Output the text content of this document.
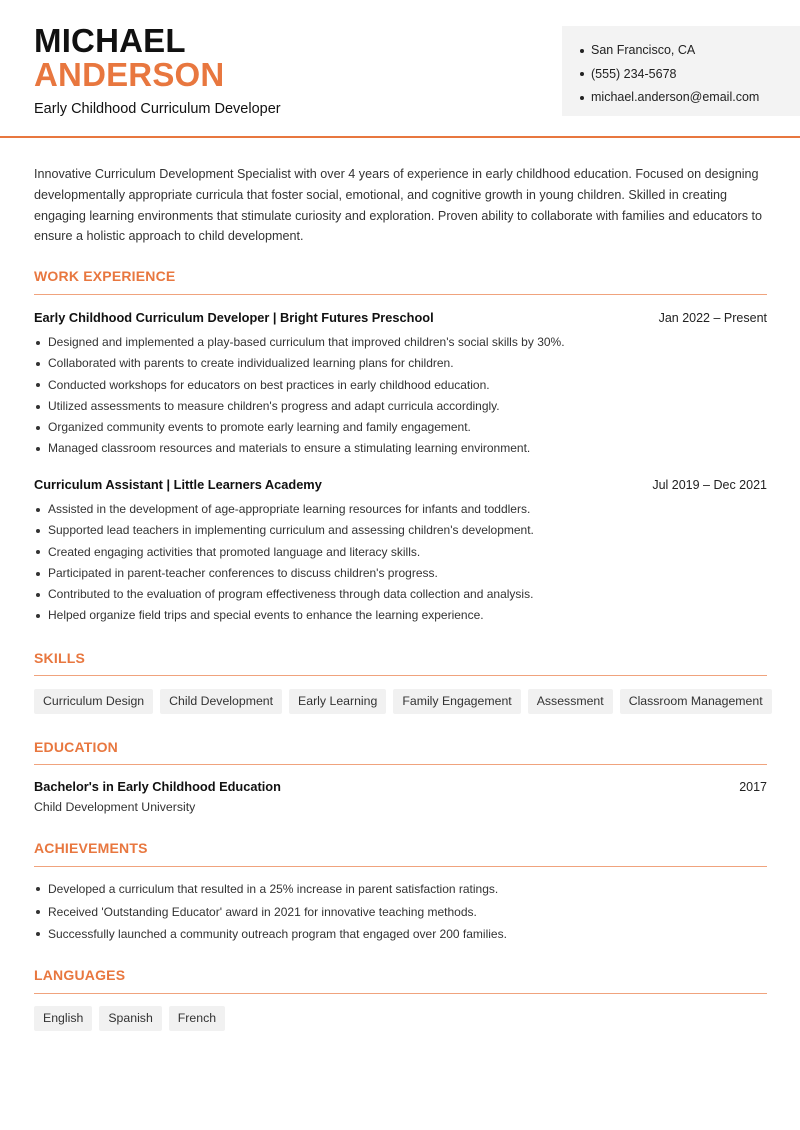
MICHAEL
ANDERSON
Early Childhood Curriculum Developer
San Francisco, CA
(555) 234-5678
michael.anderson@email.com
Innovative Curriculum Development Specialist with over 4 years of experience in early childhood education. Focused on designing developmentally appropriate curricula that foster social, emotional, and cognitive growth in young children. Skilled in creating engaging learning environments that stimulate curiosity and exploration. Proven ability to collaborate with families and educators to ensure a holistic approach to child development.
WORK EXPERIENCE
Early Childhood Curriculum Developer | Bright Futures Preschool	Jan 2022 – Present
Designed and implemented a play-based curriculum that improved children's social skills by 30%.
Collaborated with parents to create individualized learning plans for children.
Conducted workshops for educators on best practices in early childhood education.
Utilized assessments to measure children's progress and adapt curricula accordingly.
Organized community events to promote early learning and family engagement.
Managed classroom resources and materials to ensure a stimulating learning environment.
Curriculum Assistant | Little Learners Academy	Jul 2019 – Dec 2021
Assisted in the development of age-appropriate learning resources for infants and toddlers.
Supported lead teachers in implementing curriculum and assessing children's development.
Created engaging activities that promoted language and literacy skills.
Participated in parent-teacher conferences to discuss children's progress.
Contributed to the evaluation of program effectiveness through data collection and analysis.
Helped organize field trips and special events to enhance the learning experience.
SKILLS
Curriculum Design	Child Development	Early Learning	Family Engagement	Assessment	Classroom Management
EDUCATION
Bachelor's in Early Childhood Education	2017
Child Development University
ACHIEVEMENTS
Developed a curriculum that resulted in a 25% increase in parent satisfaction ratings.
Received 'Outstanding Educator' award in 2021 for innovative teaching methods.
Successfully launched a community outreach program that engaged over 200 families.
LANGUAGES
English	Spanish	French
